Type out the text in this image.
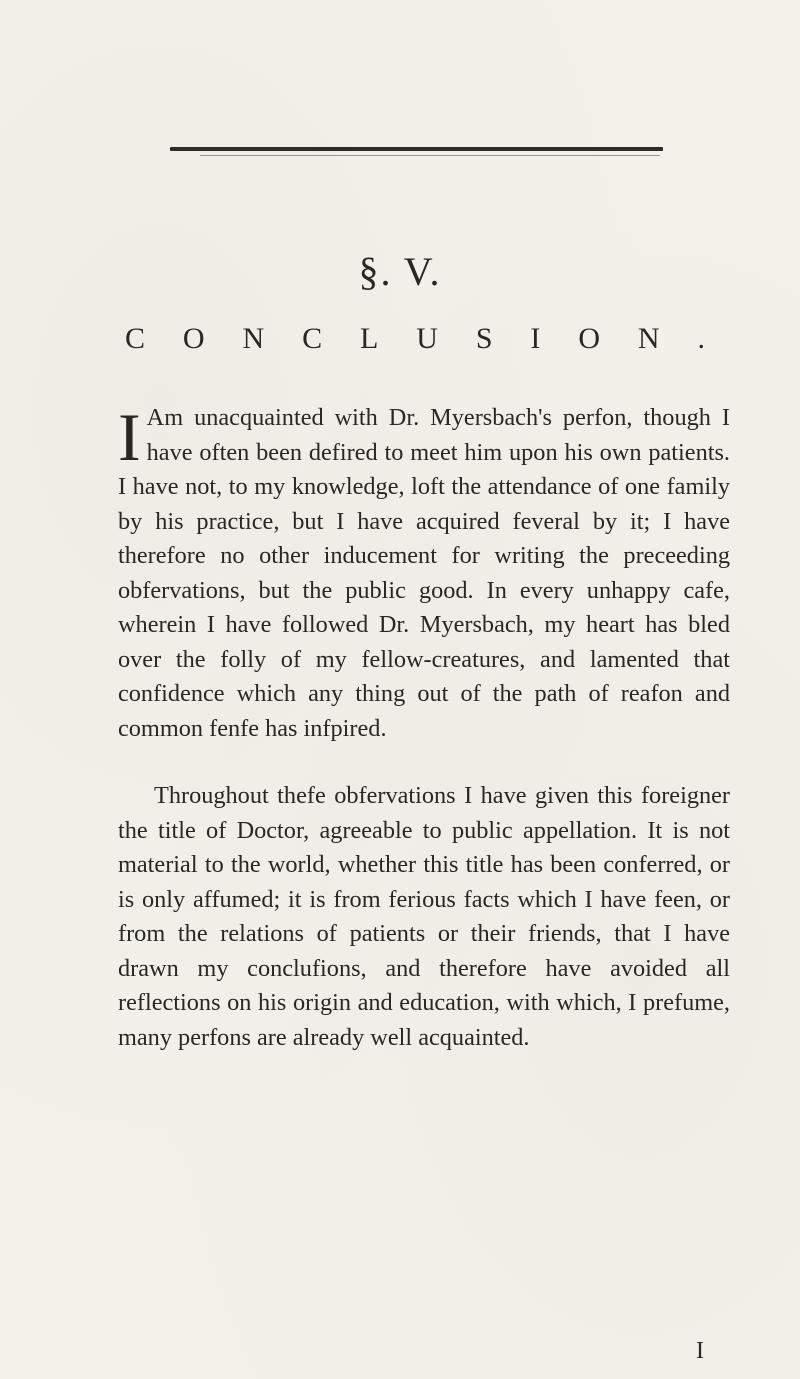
§. V.
C O N C L U S I O N .

IAm unacquainted with Dr. Myersbach's perfon, though I have often been defired to meet him upon his own patients. I have not, to my knowledge, loft the attendance of one family by his practice, but I have acquired feveral by it; I have therefore no other inducement for writing the preceeding obfervations, but the public good. In every unhappy cafe, wherein I have followed Dr. Myersbach, my heart has bled over the folly of my fellow-creatures, and lamented that confidence which any thing out of the path of reafon and common fenfe has infpired.

Throughout thefe obfervations I have given this foreigner the title of Doctor, agreeable to public appellation. It is not material to the world, whether this title has been conferred, or is only affumed; it is from ferious facts which I have feen, or from the relations of patients or their friends, that I have drawn my conclufions, and therefore have avoided all reflections on his origin and education, with which, I prefume, many perfons are already well acquainted.

I
